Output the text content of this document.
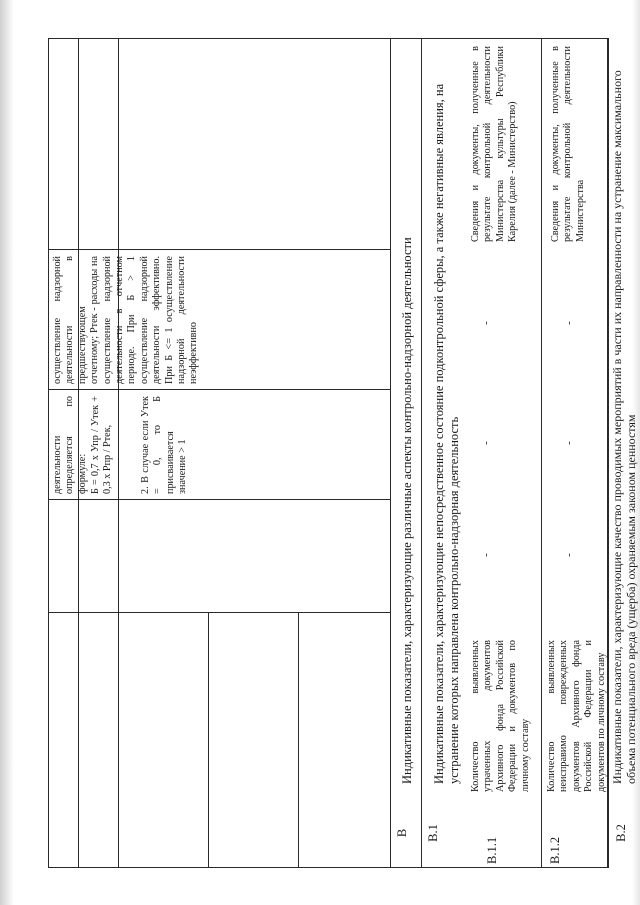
деятельности определяется по формуле: Б = 0,7 x Упр / Утек + 0,3 x Рпр / Ртек,	2. В случае если Утек = 0, то Б присваивается значение > 1
осуществление надзорной деятельности в предшествующем отчетному; Ртек - расходы на осуществление надзорной деятельности в отчетном периоде. При Б > 1 осуществление надзорной деятельности эффективно. При Б <= 1 осуществление надзорной деятельности неэффективно
В
Индикативные показатели, характеризующие различные аспекты контрольно-надзорной деятельности
В.1
Индикативные показатели, характеризующие непосредственное состояние подконтрольной сферы, а также негативные явления, на устранение которых направлена контрольно-надзорная деятельность
В.1.1
Количество выявленных утраченных документов Архивного фонда Российской Федерации и документов по личному составу
-
-
-
Сведения и документы, полученные в результате контрольной деятельности Министерства культуры Республики Карелия (далее - Министерство)
В.1.2
Количество выявленных неисправимо поврежденных документов Архивного фонда Российской Федерации и документов по личному составу
-
-
-
Сведения и документы, полученные в результате контрольной деятельности Министерства
В.2
Индикативные показатели, характеризующие качество проводимых мероприятий в части их направленности на устранение максимального объема потенциального вреда (ущерба) охраняемым законом ценностям
